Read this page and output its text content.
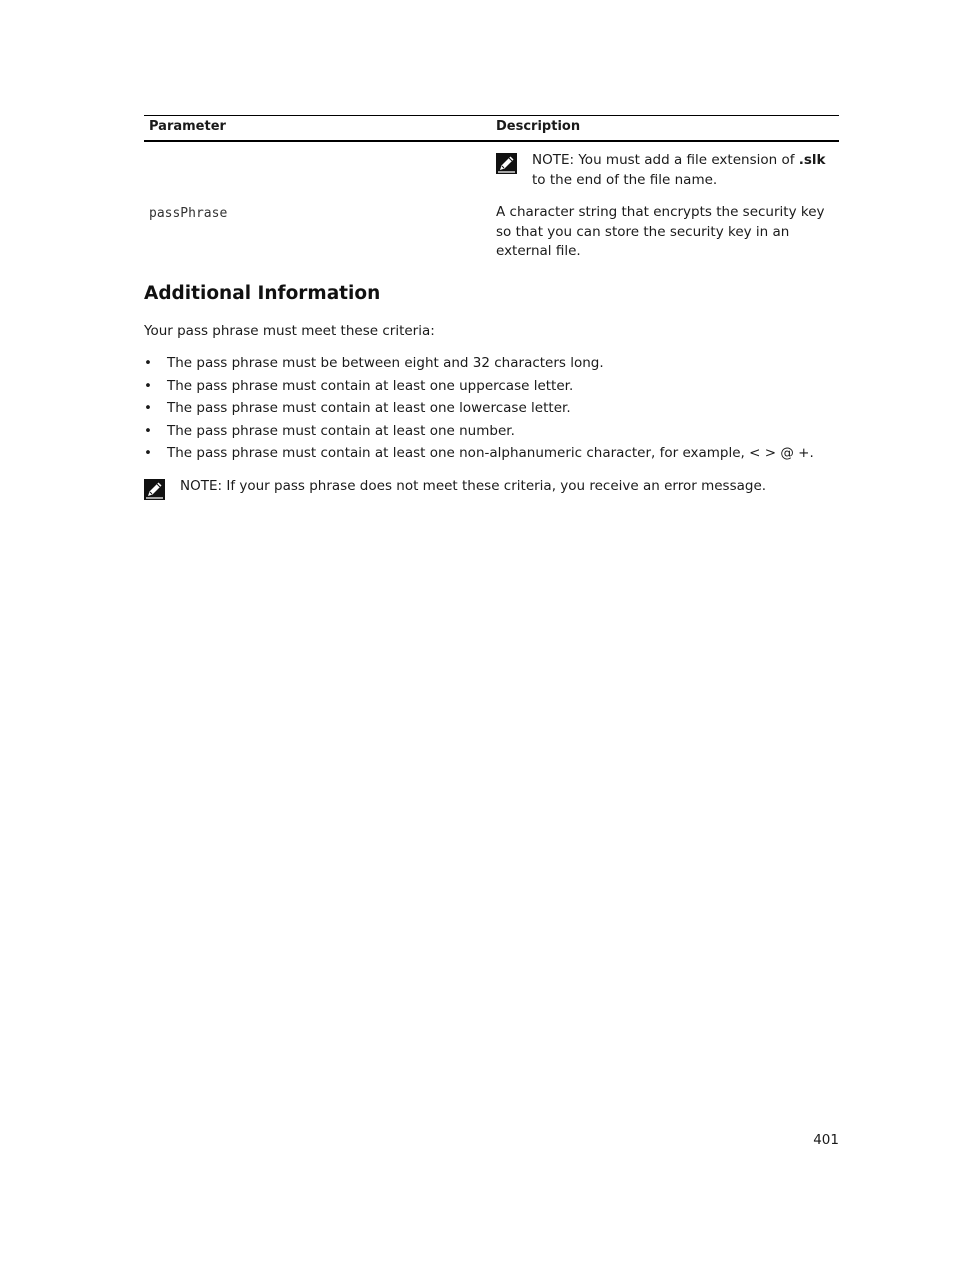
Parameter	Description
NOTE: You must add a file extension of .slk to the end of the file name.
passPhrase	A character string that encrypts the security key so that you can store the security key in an external file.
Additional Information
Your pass phrase must meet these criteria:
• The pass phrase must be between eight and 32 characters long.
• The pass phrase must contain at least one uppercase letter.
• The pass phrase must contain at least one lowercase letter.
• The pass phrase must contain at least one number.
• The pass phrase must contain at least one non-alphanumeric character, for example, < > @ +.
NOTE: If your pass phrase does not meet these criteria, you receive an error message.
401
